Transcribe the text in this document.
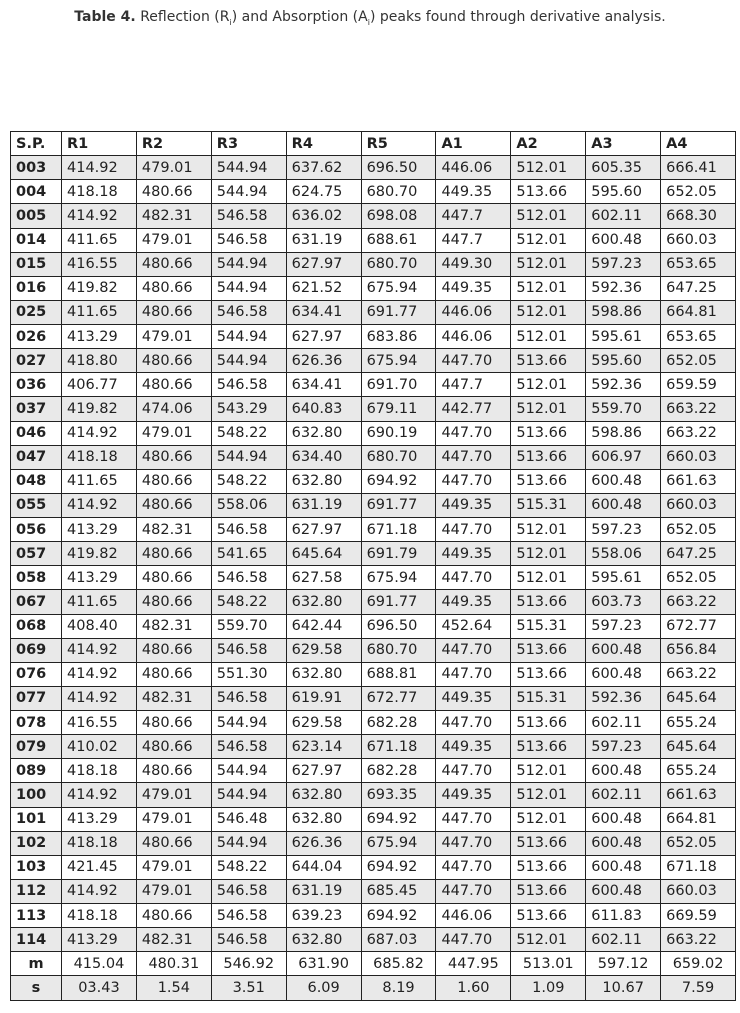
Table 4. Reflection $(R_i)$ and Absorption $(A_i)$ peaks found through derivative analysis.
S.P.	R1	R2	R3	R4	R5	A1	A2	A3	A4
003	414.92	479.01	544.94	637.62	696.50	446.06	512.01	605.35	666.41
004	418.18	480.66	544.94	624.75	680.70	449.35	513.66	595.60	652.05
005	414.92	482.31	546.58	636.02	698.08	447.7	512.01	602.11	668.30
014	411.65	479.01	546.58	631.19	688.61	447.7	512.01	600.48	660.03
015	416.55	480.66	544.94	627.97	680.70	449.30	512.01	597.23	653.65
016	419.82	480.66	544.94	621.52	675.94	449.35	512.01	592.36	647.25
025	411.65	480.66	546.58	634.41	691.77	446.06	512.01	598.86	664.81
026	413.29	479.01	544.94	627.97	683.86	446.06	512.01	595.61	653.65
027	418.80	480.66	544.94	626.36	675.94	447.70	513.66	595.60	652.05
036	406.77	480.66	546.58	634.41	691.70	447.7	512.01	592.36	659.59
037	419.82	474.06	543.29	640.83	679.11	442.77	512.01	559.70	663.22
046	414.92	479.01	548.22	632.80	690.19	447.70	513.66	598.86	663.22
047	418.18	480.66	544.94	634.40	680.70	447.70	513.66	606.97	660.03
048	411.65	480.66	548.22	632.80	694.92	447.70	513.66	600.48	661.63
055	414.92	480.66	558.06	631.19	691.77	449.35	515.31	600.48	660.03
056	413.29	482.31	546.58	627.97	671.18	447.70	512.01	597.23	652.05
057	419.82	480.66	541.65	645.64	691.79	449.35	512.01	558.06	647.25
058	413.29	480.66	546.58	627.58	675.94	447.70	512.01	595.61	652.05
067	411.65	480.66	548.22	632.80	691.77	449.35	513.66	603.73	663.22
068	408.40	482.31	559.70	642.44	696.50	452.64	515.31	597.23	672.77
069	414.92	480.66	546.58	629.58	680.70	447.70	513.66	600.48	656.84
076	414.92	480.66	551.30	632.80	688.81	447.70	513.66	600.48	663.22
077	414.92	482.31	546.58	619.91	672.77	449.35	515.31	592.36	645.64
078	416.55	480.66	544.94	629.58	682.28	447.70	513.66	602.11	655.24
079	410.02	480.66	546.58	623.14	671.18	449.35	513.66	597.23	645.64
089	418.18	480.66	544.94	627.97	682.28	447.70	512.01	600.48	655.24
100	414.92	479.01	544.94	632.80	693.35	449.35	512.01	602.11	661.63
101	413.29	479.01	546.48	632.80	694.92	447.70	512.01	600.48	664.81
102	418.18	480.66	544.94	626.36	675.94	447.70	513.66	600.48	652.05
103	421.45	479.01	548.22	644.04	694.92	447.70	513.66	600.48	671.18
112	414.92	479.01	546.58	631.19	685.45	447.70	513.66	600.48	660.03
113	418.18	480.66	546.58	639.23	694.92	446.06	513.66	611.83	669.59
114	413.29	482.31	546.58	632.80	687.03	447.70	512.01	602.11	663.22
m	415.04	480.31	546.92	631.90	685.82	447.95	513.01	597.12	659.02
s	03.43	1.54	3.51	6.09	8.19	1.60	1.09	10.67	7.59
